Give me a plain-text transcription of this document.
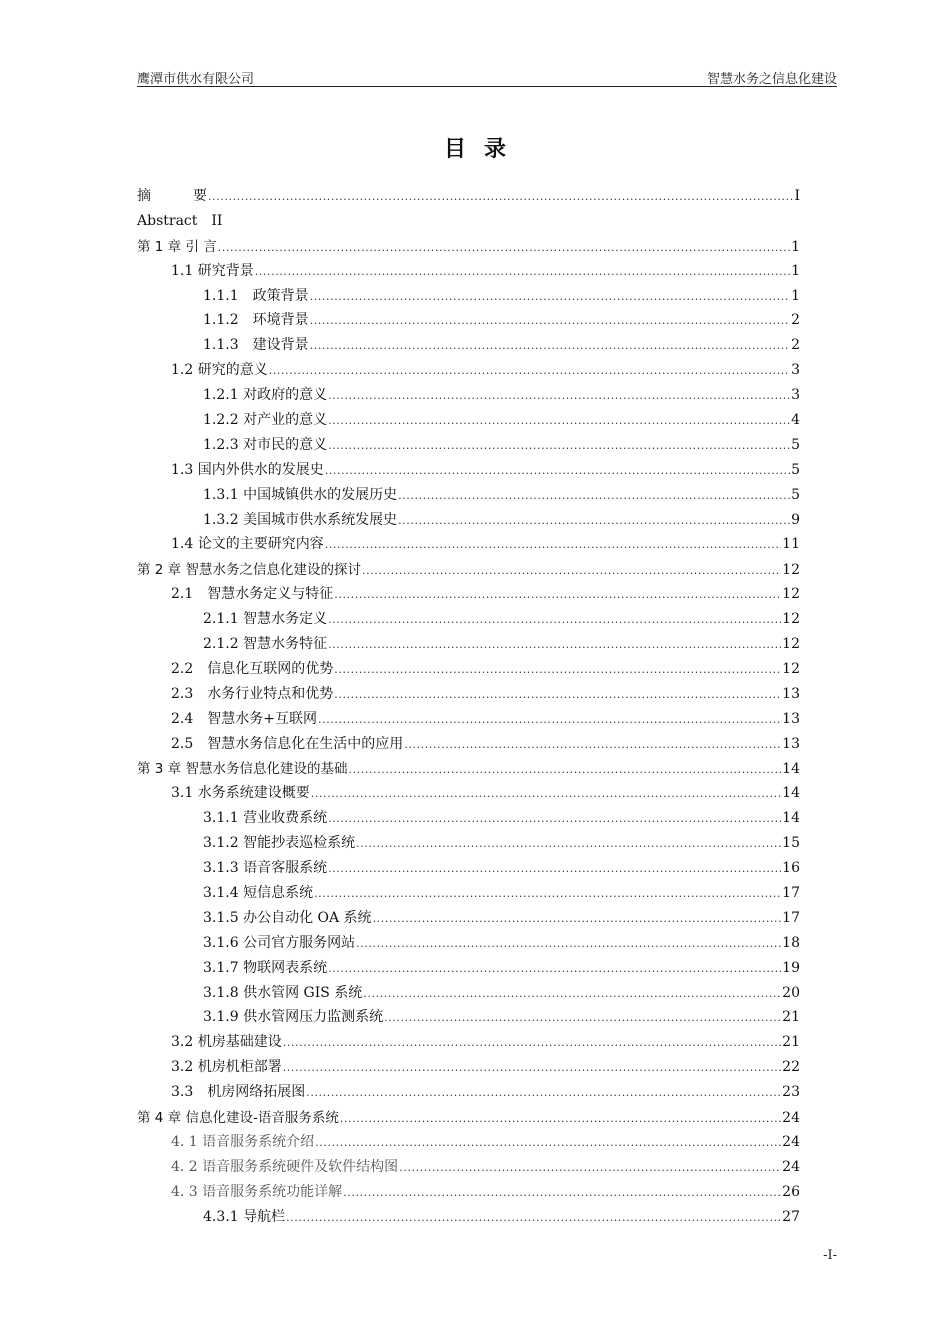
鹰潭市供水有限公司	智慧水务之信息化建设
目录
摘　　　要 .....	I
Abstract　II
第 1 章 引 言 .....	1
1.1 研究背景 .....	1
1.1.1　政策背景 .....	1
1.1.2　环境背景 .....	2
1.1.3　建设背景 .....	2
1.2 研究的意义 .....	3
1.2.1 对政府的意义 .....	3
1.2.2 对产业的意义 .....	4
1.2.3 对市民的意义 .....	5
1.3 国内外供水的发展史 .....	5
1.3.1 中国城镇供水的发展历史 .....	5
1.3.2 美国城市供水系统发展史 .....	9
1.4 论文的主要研究内容 .....	11
第 2 章 智慧水务之信息化建设的探讨 .....	12
2.1　智慧水务定义与特征 .....	12
2.1.1 智慧水务定义 .....	12
2.1.2 智慧水务特征 .....	12
2.2　信息化互联网的优势 .....	12
2.3　水务行业特点和优势 .....	13
2.4　智慧水务+互联网 .....	13
2.5　智慧水务信息化在生活中的应用 .....	13
第 3 章 智慧水务信息化建设的基础 .....	14
3.1 水务系统建设概要 .....	14
3.1.1 营业收费系统 .....	14
3.1.2 智能抄表巡检系统 .....	15
3.1.3 语音客服系统 .....	16
3.1.4 短信息系统 .....	17
3.1.5 办公自动化 OA 系统 .....	17
3.1.6 公司官方服务网站 .....	18
3.1.7 物联网表系统 .....	19
3.1.8 供水管网 GIS 系统 .....	20
3.1.9 供水管网压力监测系统 .....	21
3.2 机房基础建设 .....	21
3.2 机房机柜部署 .....	22
3.3　机房网络拓展图 .....	23
第 4 章 信息化建设-语音服务系统 .....	24
4. 1 语音服务系统介绍 .....	24
4. 2 语音服务系统硬件及软件结构图 .....	24
4. 3 语音服务系统功能详解 .....	26
4.3.1 导航栏 .....	27
-I-
